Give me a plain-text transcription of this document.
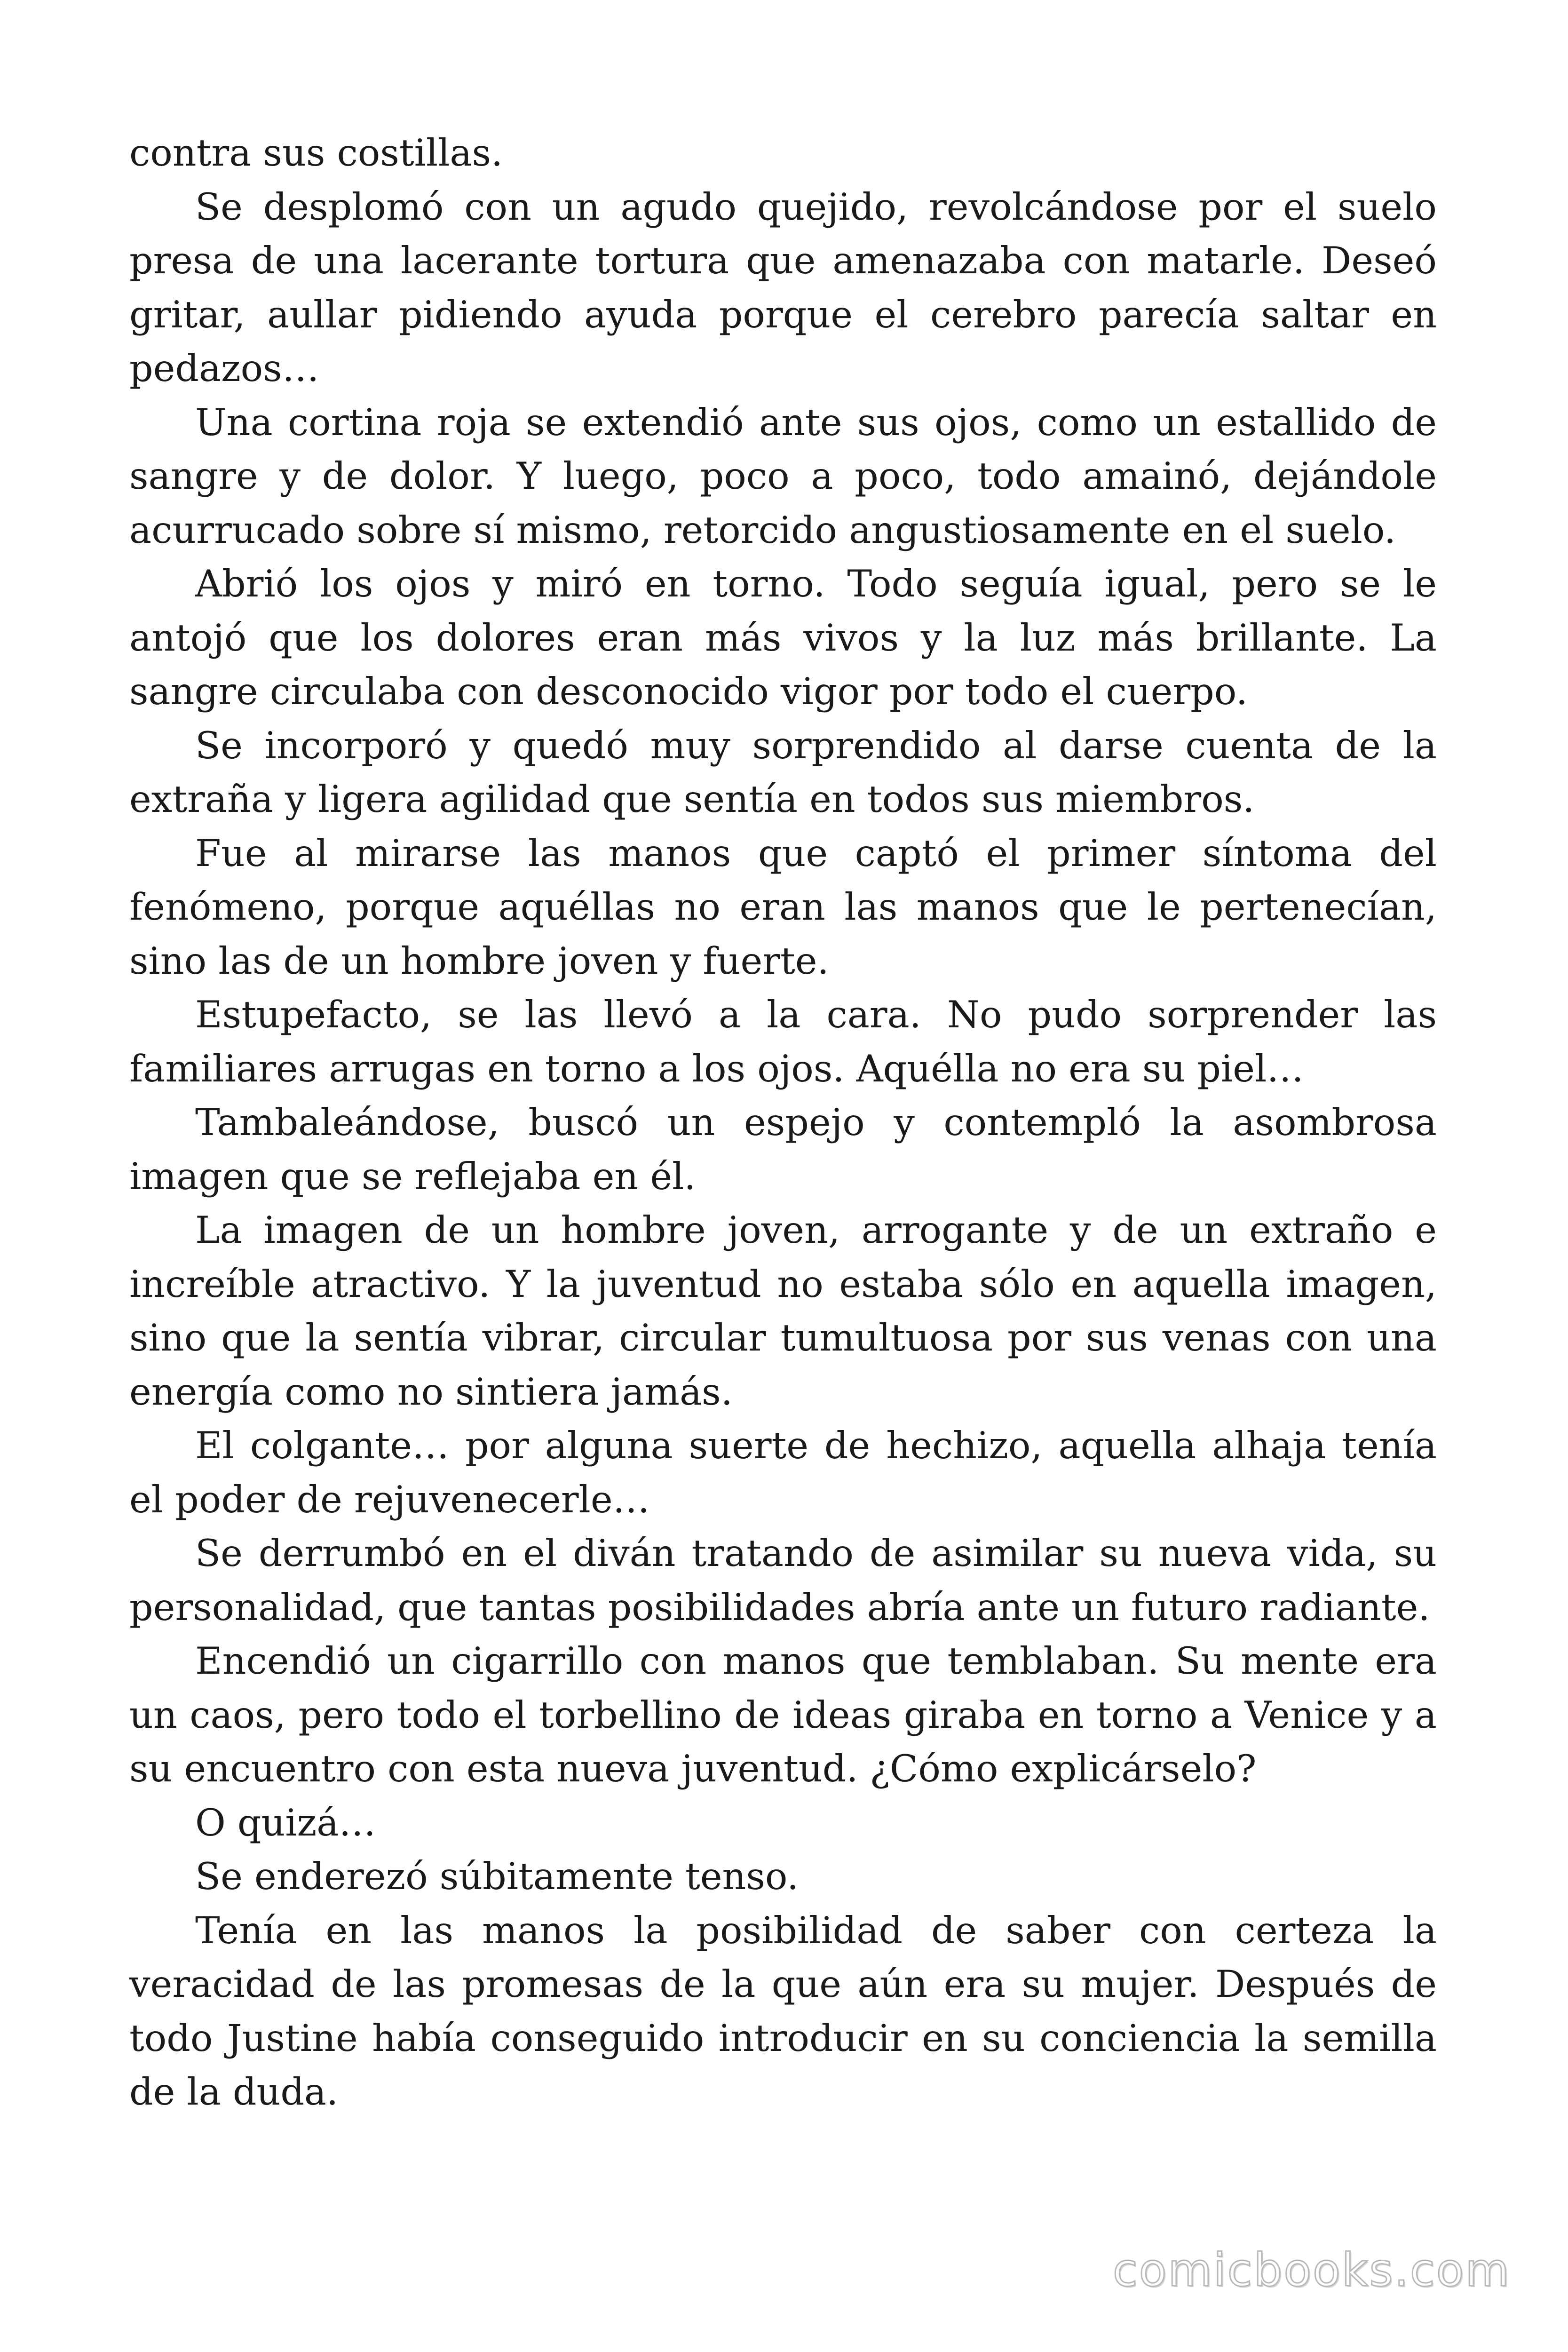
contra sus costillas.

Se desplomó con un agudo quejido, revolcándose por el suelo presa de una lacerante tortura que amenazaba con matarle. Deseó gritar, aullar pidiendo ayuda porque el cerebro parecía saltar en pedazos…

Una cortina roja se extendió ante sus ojos, como un estallido de sangre y de dolor. Y luego, poco a poco, todo amainó, dejándole acurrucado sobre sí mismo, retorcido angustiosamente en el suelo.

Abrió los ojos y miró en torno. Todo seguía igual, pero se le antojó que los dolores eran más vivos y la luz más brillante. La sangre circulaba con desconocido vigor por todo el cuerpo.

Se incorporó y quedó muy sorprendido al darse cuenta de la extraña y ligera agilidad que sentía en todos sus miembros.

Fue al mirarse las manos que captó el primer síntoma del fenómeno, porque aquéllas no eran las manos que le pertenecían, sino las de un hombre joven y fuerte.

Estupefacto, se las llevó a la cara. No pudo sorprender las familiares arrugas en torno a los ojos. Aquélla no era su piel…

Tambaleándose, buscó un espejo y contempló la asombrosa imagen que se reflejaba en él.

La imagen de un hombre joven, arrogante y de un extraño e increíble atractivo. Y la juventud no estaba sólo en aquella imagen, sino que la sentía vibrar, circular tumultuosa por sus venas con una energía como no sintiera jamás.

El colgante… por alguna suerte de hechizo, aquella alhaja tenía el poder de rejuvenecerle…

Se derrumbó en el diván tratando de asimilar su nueva vida, su personalidad, que tantas posibilidades abría ante un futuro radiante.

Encendió un cigarrillo con manos que temblaban. Su mente era un caos, pero todo el torbellino de ideas giraba en torno a Venice y a su encuentro con esta nueva juventud. ¿Cómo explicárselo?

O quizá…

Se enderezó súbitamente tenso.

Tenía en las manos la posibilidad de saber con certeza la veracidad de las promesas de la que aún era su mujer. Después de todo Justine había conseguido introducir en su conciencia la semilla de la duda.

comicbooks.com
